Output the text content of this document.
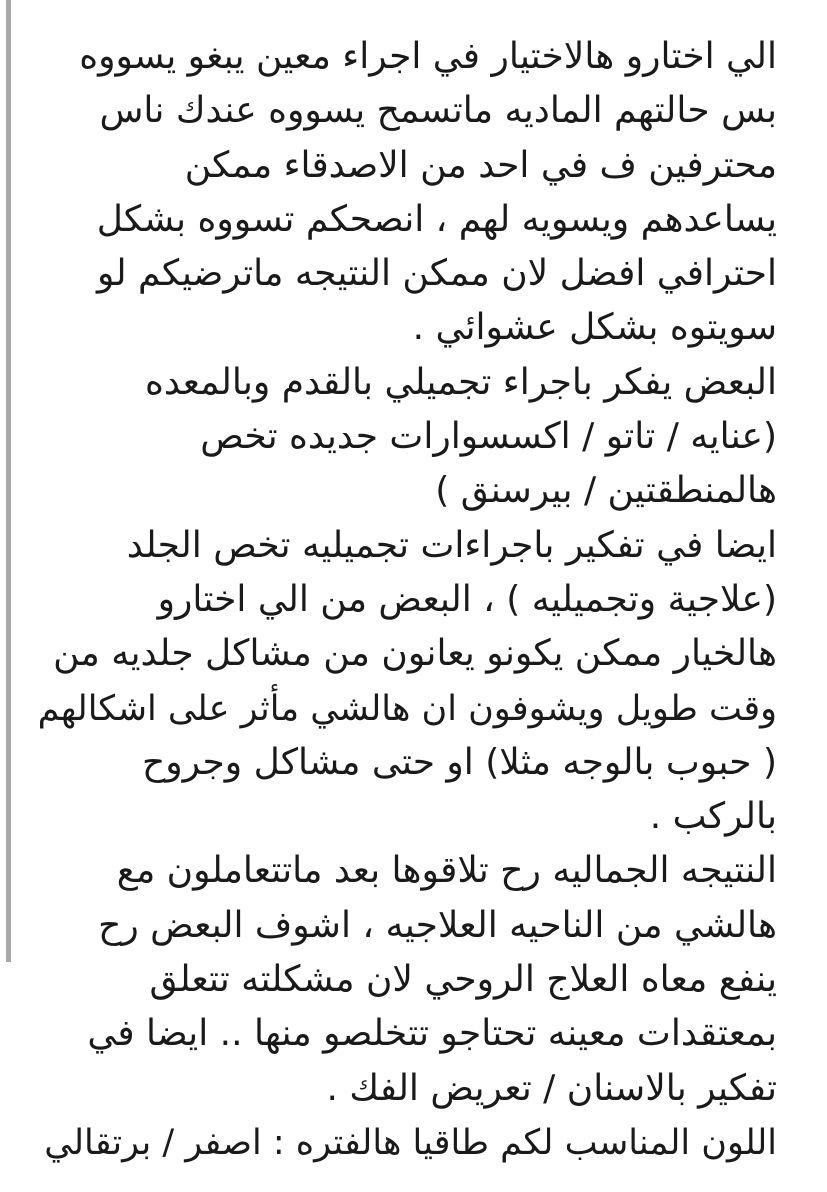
الي اختارو هالاختيار في اجراء معين يبغو يسووه
بس حالتهم الماديه ماتسمح يسووه عندك ناس
محترفين ف في احد من الاصدقاء ممكن
يساعدهم ويسويه لهم ، انصحكم تسووه بشكل
احترافي افضل لان ممكن النتيجه ماترضيكم لو
سويتوه بشكل عشوائي .
البعض يفكر باجراء تجميلي بالقدم وبالمعده
(عنايه / تاتو / اكسسوارات جديده تخص
هالمنطقتين / بيرسنق )
ايضا في تفكير باجراءات تجميليه تخص الجلد
(علاجية وتجميليه ) ، البعض من الي اختارو
هالخيار ممكن يكونو يعانون من مشاكل جلديه من
وقت طويل ويشوفون ان هالشي مأثر على اشكالهم
( حبوب بالوجه مثلا) او حتى مشاكل وجروح
بالركب .
النتيجه الجماليه رح تلاقوها بعد ماتتعاملون مع
هالشي من الناحيه العلاجيه ، اشوف البعض رح
ينفع معاه العلاج الروحي لان مشكلته تتعلق
بمعتقدات معينه تحتاجو تتخلصو منها .. ايضا في
تفكير بالاسنان / تعريض الفك .
اللون المناسب لكم طاقيا هالفتره : اصفر / برتقالي
